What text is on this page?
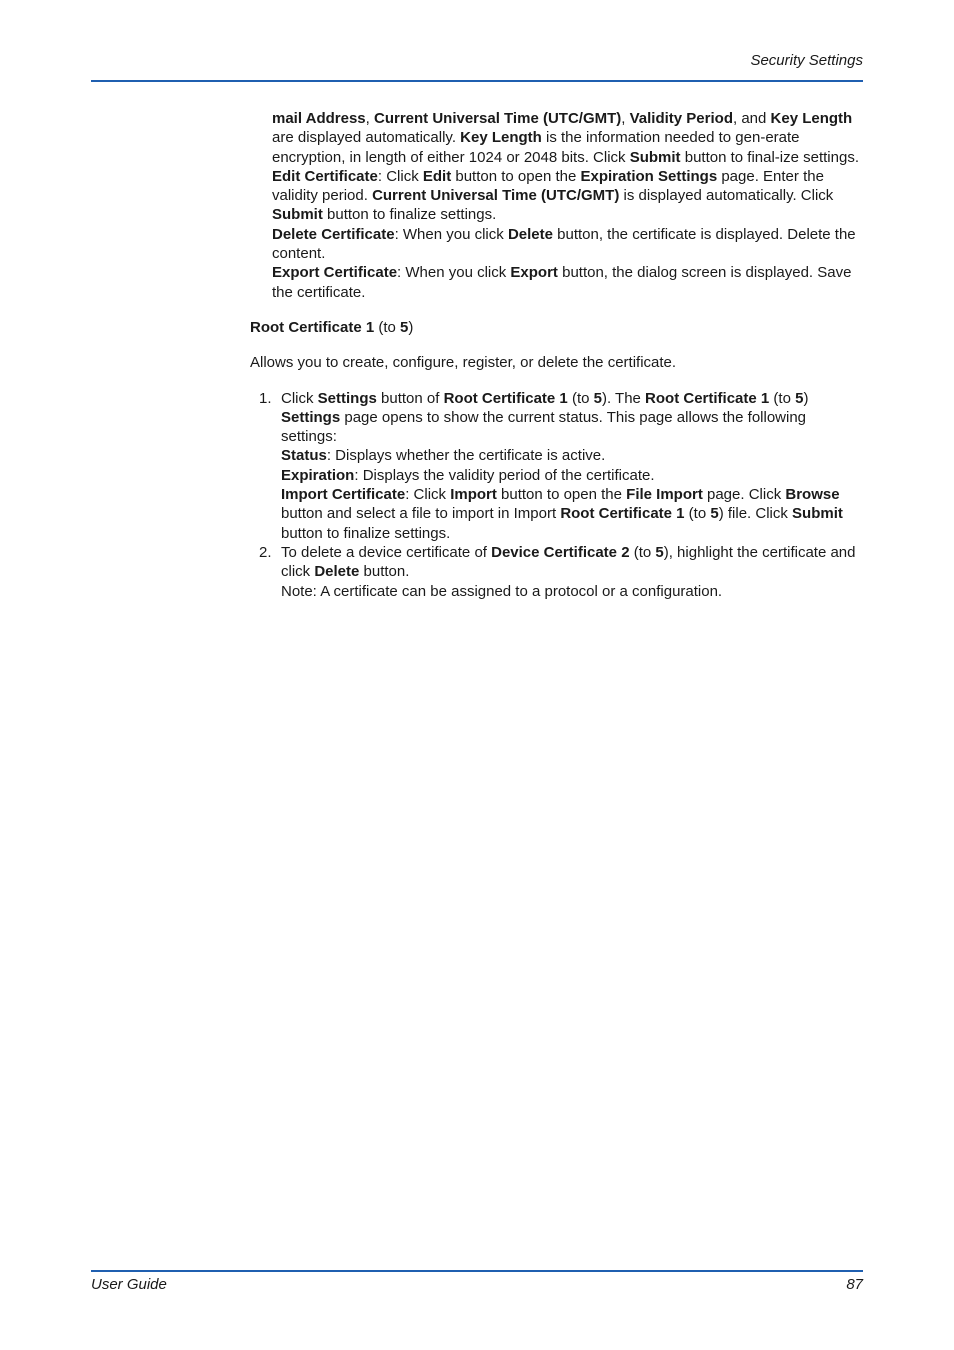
Security Settings

mail Address, Current Universal Time (UTC/GMT), Validity Period, and Key Length are displayed automatically. Key Length is the information needed to gen-erate encryption, in length of either 1024 or 2048 bits. Click Submit button to final-ize settings.

Edit Certificate: Click Edit button to open the Expiration Settings page. Enter the validity period. Current Universal Time (UTC/GMT) is displayed automatically. Click Submit button to finalize settings.

Delete Certificate: When you click Delete button, the certificate is displayed. Delete the content.

Export Certificate: When you click Export button, the dialog screen is displayed. Save the certificate.

Root Certificate 1 (to 5)

Allows you to create, configure, register, or delete the certificate.

1. Click Settings button of Root Certificate 1 (to 5). The Root Certificate 1 (to 5) Settings page opens to show the current status. This page allows the following settings:

Status: Displays whether the certificate is active.

Expiration: Displays the validity period of the certificate.

Import Certificate: Click Import button to open the File Import page. Click Browse button and select a file to import in Import Root Certificate 1 (to 5) file. Click Submit button to finalize settings.

2. To delete a device certificate of Device Certificate 2 (to 5), highlight the certificate and click Delete button.

Note: A certificate can be assigned to a protocol or a configuration.

User Guide	87
